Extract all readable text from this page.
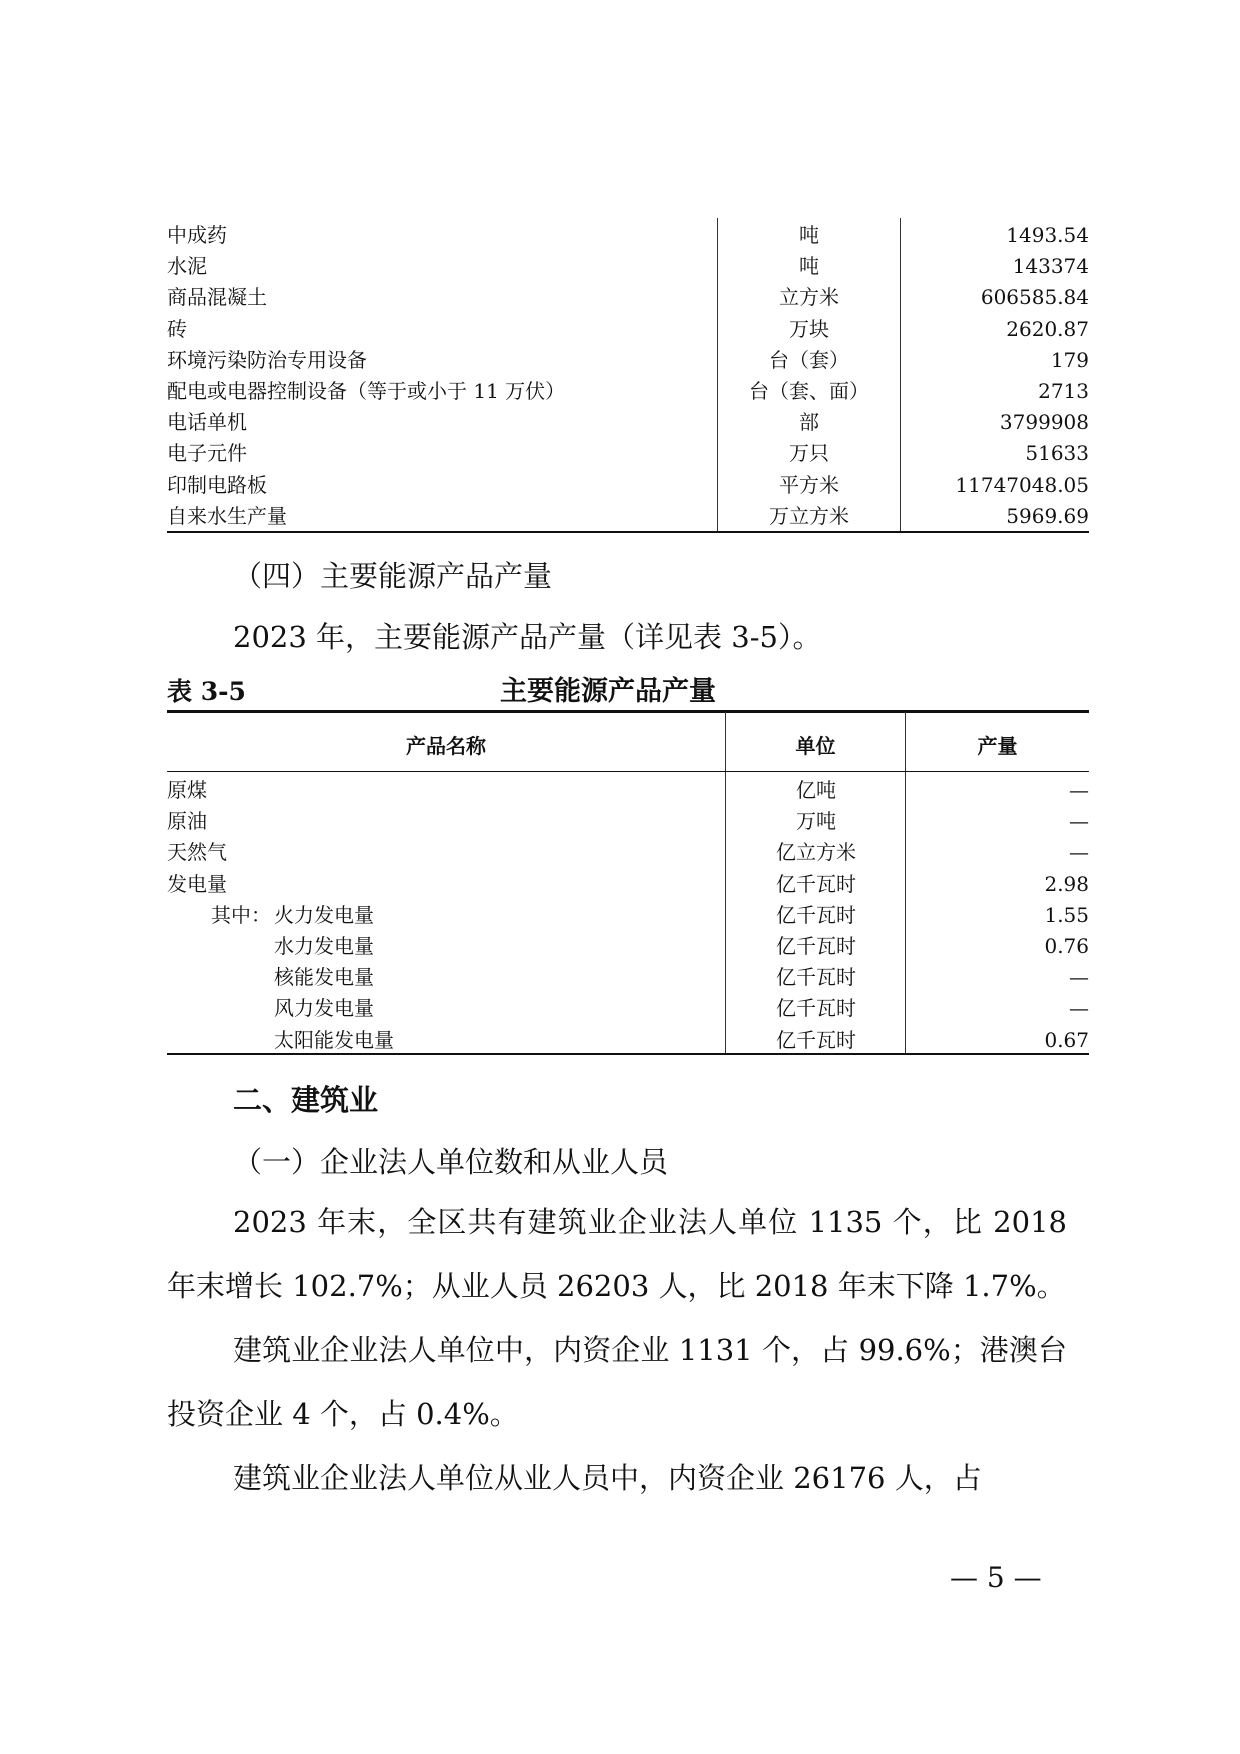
中成药	吨	1493.54
水泥	吨	143374
商品混凝土	立方米	606585.84
砖	万块	2620.87
环境污染防治专用设备	台（套）	179
配电或电器控制设备（等于或小于 11 万伏）	台（套、面）	2713
电话单机	部	3799908
电子元件	万只	51633
印制电路板	平方米	11747048.05
自来水生产量	万立方米	5969.69
（四）主要能源产品产量
2023 年，主要能源产品产量（详见表 3-5）。
表 3-5	主要能源产品产量
产品名称	单位	产量
原煤	亿吨	—
原油	万吨	—
天然气	亿立方米	—
发电量	亿千瓦时	2.98
其中： 火力发电量	亿千瓦时	1.55
水力发电量	亿千瓦时	0.76
核能发电量	亿千瓦时	—
风力发电量	亿千瓦时	—
太阳能发电量	亿千瓦时	0.67
二、建筑业
（一）企业法人单位数和从业人员

2023 年末，全区共有建筑业企业法人单位 1135 个，比 2018 年末增长 102.7%；从业人员 26203 人，比 2018 年末下降 1.7%。

建筑业企业法人单位中，内资企业 1131 个，占 99.6%；港澳台投资企业 4 个，占 0.4%。

建筑业企业法人单位从业人员中，内资企业 26176 人，占

— 5 —
